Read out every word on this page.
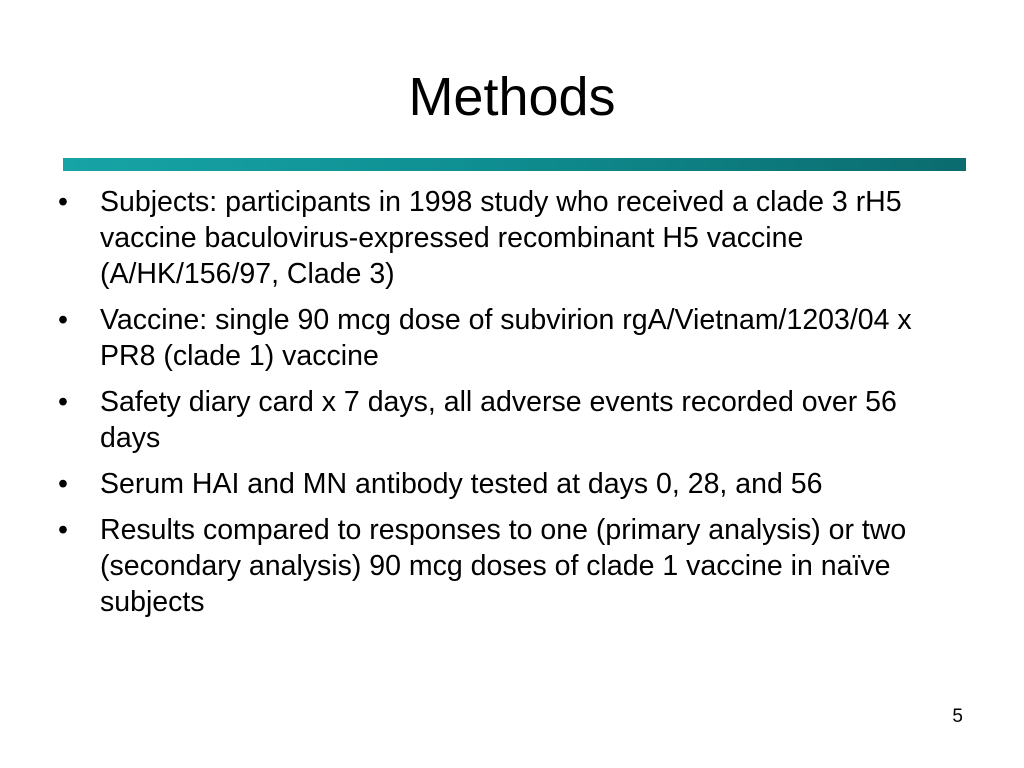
Methods
•	Subjects: participants in 1998 study who received a clade 3 rH5 vaccine baculovirus-expressed recombinant H5 vaccine (A/HK/156/97, Clade 3)
•	Vaccine: single 90 mcg dose of subvirion rgA/Vietnam/1203/04 x PR8 (clade 1) vaccine
•	Safety diary card x 7 days, all adverse events recorded over 56 days
•	Serum HAI and MN antibody tested at days 0, 28, and 56
•	Results compared to responses to one (primary analysis) or two (secondary analysis) 90 mcg doses of clade 1 vaccine in naïve subjects
5
